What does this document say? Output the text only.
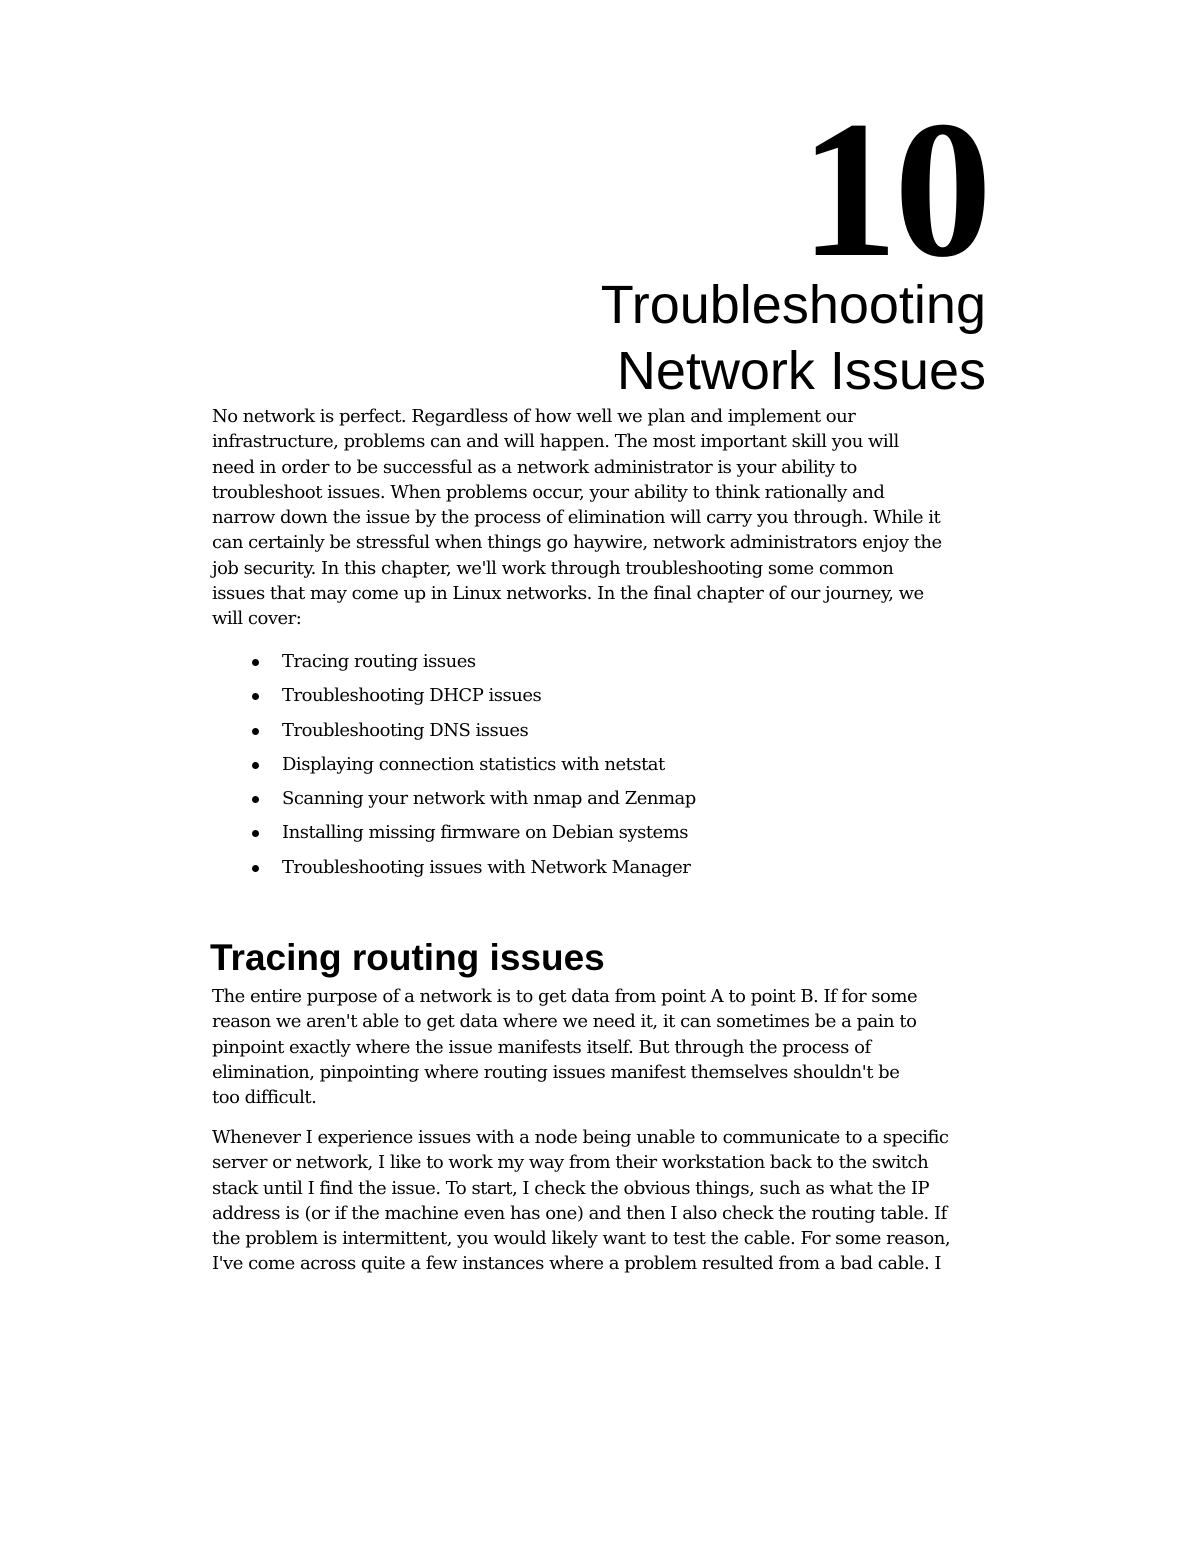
10
Troubleshooting
Network Issues

No network is perfect. Regardless of how well we plan and implement our
infrastructure, problems can and will happen. The most important skill you will
need in order to be successful as a network administrator is your ability to
troubleshoot issues. When problems occur, your ability to think rationally and
narrow down the issue by the process of elimination will carry you through. While it
can certainly be stressful when things go haywire, network administrators enjoy the
job security. In this chapter, we'll work through troubleshooting some common
issues that may come up in Linux networks. In the final chapter of our journey, we
will cover:

Tracing routing issues
Troubleshooting DHCP issues
Troubleshooting DNS issues
Displaying connection statistics with netstat
Scanning your network with nmap and Zenmap
Installing missing firmware on Debian systems
Troubleshooting issues with Network Manager
Tracing routing issues

The entire purpose of a network is to get data from point A to point B. If for some
reason we aren't able to get data where we need it, it can sometimes be a pain to
pinpoint exactly where the issue manifests itself. But through the process of
elimination, pinpointing where routing issues manifest themselves shouldn't be
too difficult.

Whenever I experience issues with a node being unable to communicate to a specific
server or network, I like to work my way from their workstation back to the switch
stack until I find the issue. To start, I check the obvious things, such as what the IP
address is (or if the machine even has one) and then I also check the routing table. If
the problem is intermittent, you would likely want to test the cable. For some reason,
I've come across quite a few instances where a problem resulted from a bad cable. I
